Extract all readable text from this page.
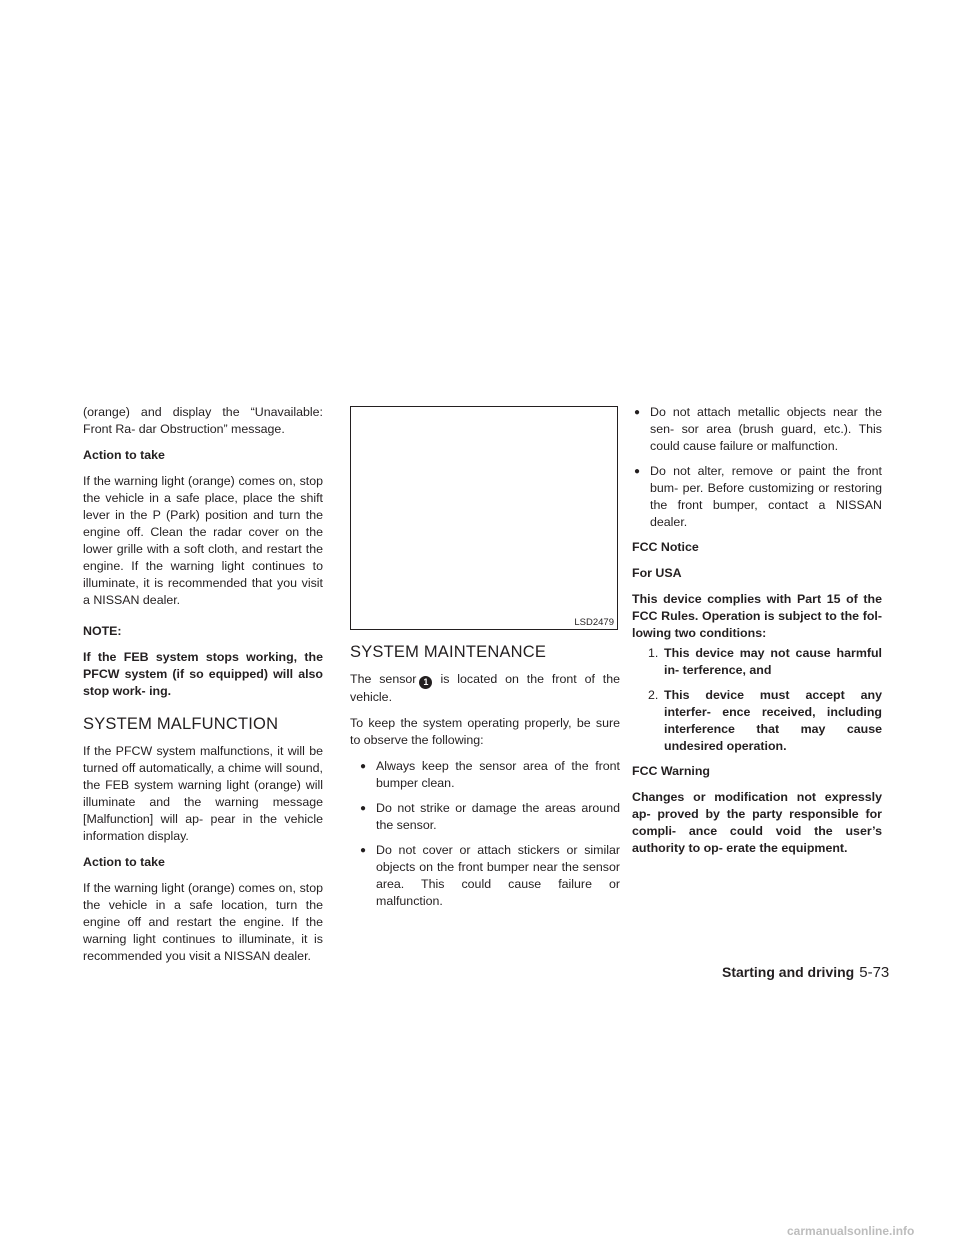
(orange) and display the “Unavailable: Front Ra- dar Obstruction” message.

Action to take

If the warning light (orange) comes on, stop the vehicle in a safe place, place the shift lever in the P (Park) position and turn the engine off. Clean the radar cover on the lower grille with a soft cloth, and restart the engine. If the warning light continues to illuminate, it is recommended that you visit a NISSAN dealer.

NOTE:

If the FEB system stops working, the PFCW system (if so equipped) will also stop work- ing.

SYSTEM MALFUNCTION

If the PFCW system malfunctions, it will be turned off automatically, a chime will sound, the FEB system warning light (orange) will illuminate and the warning message [Malfunction] will ap- pear in the vehicle information display.

Action to take

If the warning light (orange) comes on, stop the vehicle in a safe location, turn the engine off and restart the engine. If the warning light continues to illuminate, it is recommended you visit a NISSAN dealer.

LSD2479
SYSTEM MAINTENANCE

The sensor 1 is located on the front of the vehicle.

To keep the system operating properly, be sure to observe the following:

● Always keep the sensor area of the front bumper clean.
● Do not strike or damage the areas around the sensor.
● Do not cover or attach stickers or similar objects on the front bumper near the sensor area. This could cause failure or malfunction.
● Do not attach metallic objects near the sen- sor area (brush guard, etc.). This could cause failure or malfunction.
● Do not alter, remove or paint the front bum- per. Before customizing or restoring the front bumper, contact a NISSAN dealer.

FCC Notice

For USA

This device complies with Part 15 of the FCC Rules. Operation is subject to the fol- lowing two conditions:

1. This device may not cause harmful in- terference, and
2. This device must accept any interfer- ence received, including interference that may cause undesired operation.

FCC Warning

Changes or modification not expressly ap- proved by the party responsible for compli- ance could void the user’s authority to op- erate the equipment.

Starting and driving 5-73
carmanualsonline.info
